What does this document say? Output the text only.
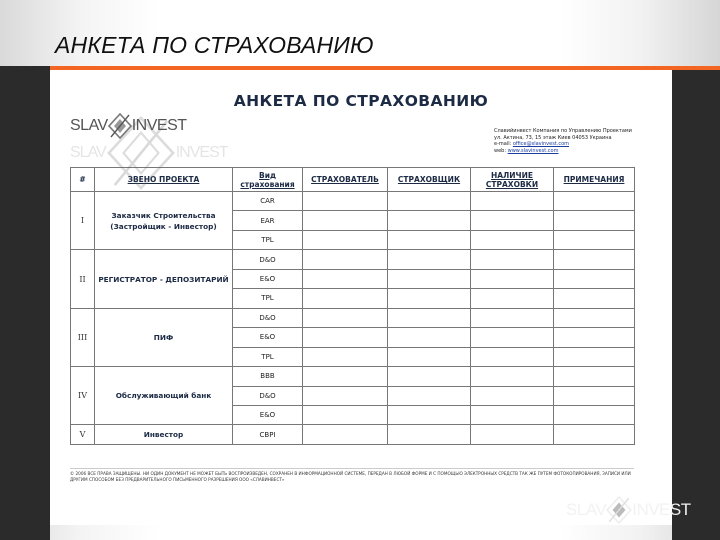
АНКЕТА ПО СТРАХОВАНИЮ
АНКЕТА ПО СТРАХОВАНИЮ
SLAV INVEST	Славийинвест Компания по Управлению Проектами
ул. Актина, 73, 15 этаж Киев 04053 Украина
e-mail: office@slavinvest.com
web: www.slavinvest.com
#	ЗВЕНО ПРОЕКТА	Вид страхования	СТРАХОВАТЕЛЬ	СТРАХОВЩИК	НАЛИЧИЕ СТРАХОВКИ	ПРИМЕЧАНИЯ
I	Заказчик Строительства (Застройщик - Инвестор)	CAR				
		EAR				
		TPL				
II	РЕГИСТРАТОР - ДЕПОЗИТАРИЙ	D&O				
		E&O				
		TPL				
III	ПИФ	D&O				
		E&O				
		TPL				
IV	Обслуживающий банк	BBB				
		D&O				
		E&O				
V	Инвестор	CBPI				
SLAV	INVEST
© 2006 ВСЕ ПРАВА ЗАЩИЩЕНЫ. НИ ОДИН ДОКУМЕНТ НЕ МОЖЕТ БЫТЬ ВОСПРОИЗВЕДЕН, СОХРАНЕН В ИНФОРМАЦИОННОЙ СИСТЕМЕ, ПЕРЕДАН В ЛЮБОЙ ФОРМЕ И С ПОМОЩЬЮ ЭЛЕКТРОННЫХ СРЕДСТВ ТАК ЖЕ ПУТЕМ ФОТОКОПИРОВАНИЯ, ЗАПИСИ ИЛИ ДРУГИМ СПОСОБОМ БЕЗ ПРЕДВАРИТЕЛЬНОГО ПИСЬМЕННОГО РАЗРЕШЕНИЯ ООО «СЛАВИНВЕСТ»
SLAV INVEST
